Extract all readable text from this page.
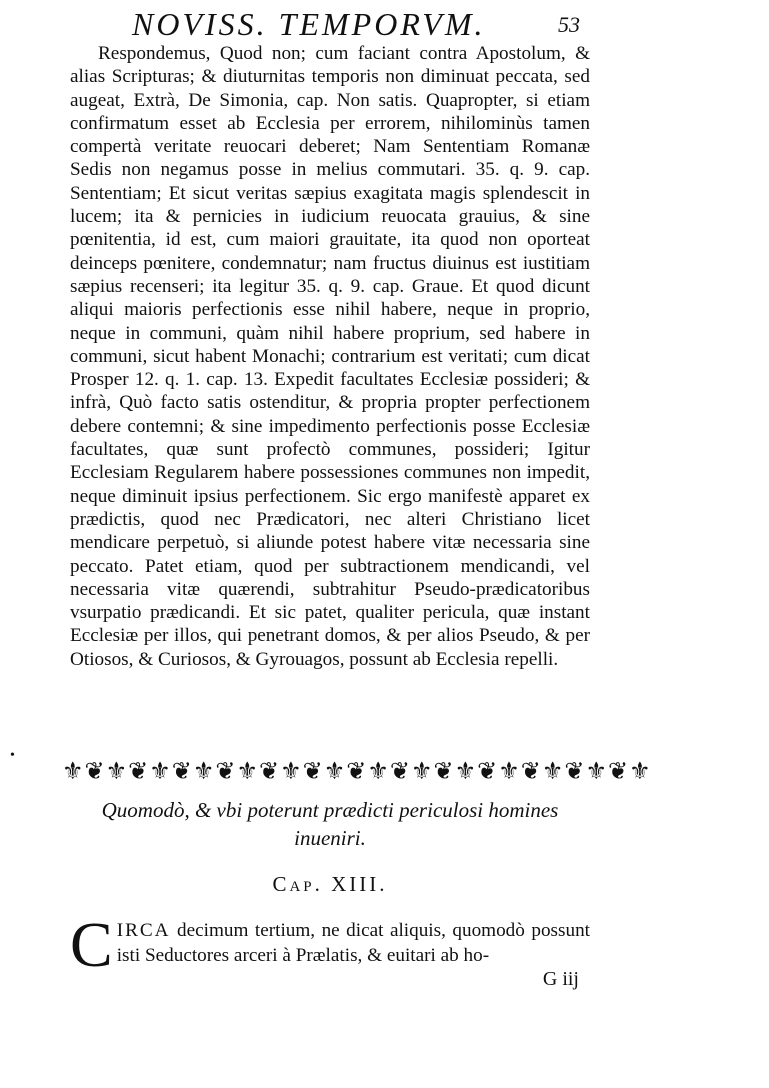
NOVISS. TEMPORVM.	53

Respondemus, Quod non; cum faciant contra Apostolum, & alias Scripturas; & diuturnitas temporis non diminuat peccata, sed augeat, Extrà, De Simonia, cap. Non satis. Quapropter, si etiam confirmatum esset ab Ecclesia per errorem, nihilominùs tamen compertà veritate reuocari deberet; Nam Sententiam Romanæ Sedis non negamus posse in melius commutari. 35. q. 9. cap. Sententiam; Et sicut veritas sæpius exagitata magis splendescit in lucem; ita & pernicies in iudicium reuocata grauius, & sine pœnitentia, id est, cum maiori grauitate, ita quod non oporteat deinceps pœnitere, condemnatur; nam fructus diuinus est iustitiam sæpius recenseri; ita legitur 35. q. 9. cap. Graue. Et quod dicunt aliqui maioris perfectionis esse nihil habere, neque in proprio, neque in communi, quàm nihil habere proprium, sed habere in communi, sicut habent Monachi; contrarium est veritati; cum dicat Prosper 12. q. 1. cap. 13. Expedit facultates Ecclesiæ possideri; & infrà, Quò facto satis ostenditur, & propria propter perfectionem debere contemni; & sine impedimento perfectionis posse Ecclesiæ facultates, quæ sunt profectò communes, possideri; Igitur Ecclesiam Regularem habere possessiones communes non impedit, neque diminuit ipsius perfectionem. Sic ergo manifestè apparet ex prædictis, quod nec Prædicatori, nec alteri Christiano licet mendicare perpetuò, si aliunde potest habere vitæ necessaria sine peccato. Patet etiam, quod per subtractionem mendicandi, vel necessaria vitæ quærendi, subtrahitur Pseudo-prædicatoribus vsurpatio prædicandi. Et sic patet, qualiter pericula, quæ instant Ecclesiæ per illos, qui penetrant domos, & per alios Pseudo, & per Otiosos, & Curiosos, & Gyrouagos, possunt ab Ecclesia repelli.

•
⚜❦⚜❦⚜❦⚜❦⚜❦⚜❦⚜❦⚜❦⚜❦⚜❦⚜❦⚜❦⚜❦⚜
Quomodò, & vbi poterunt prædicti periculosi homines inueniri.
Cap. XIII.
CIRCA decimum tertium, ne dicat aliquis, quomodò possunt isti Seductores arceri à Prælatis, & euitari ab ho-
G iij
